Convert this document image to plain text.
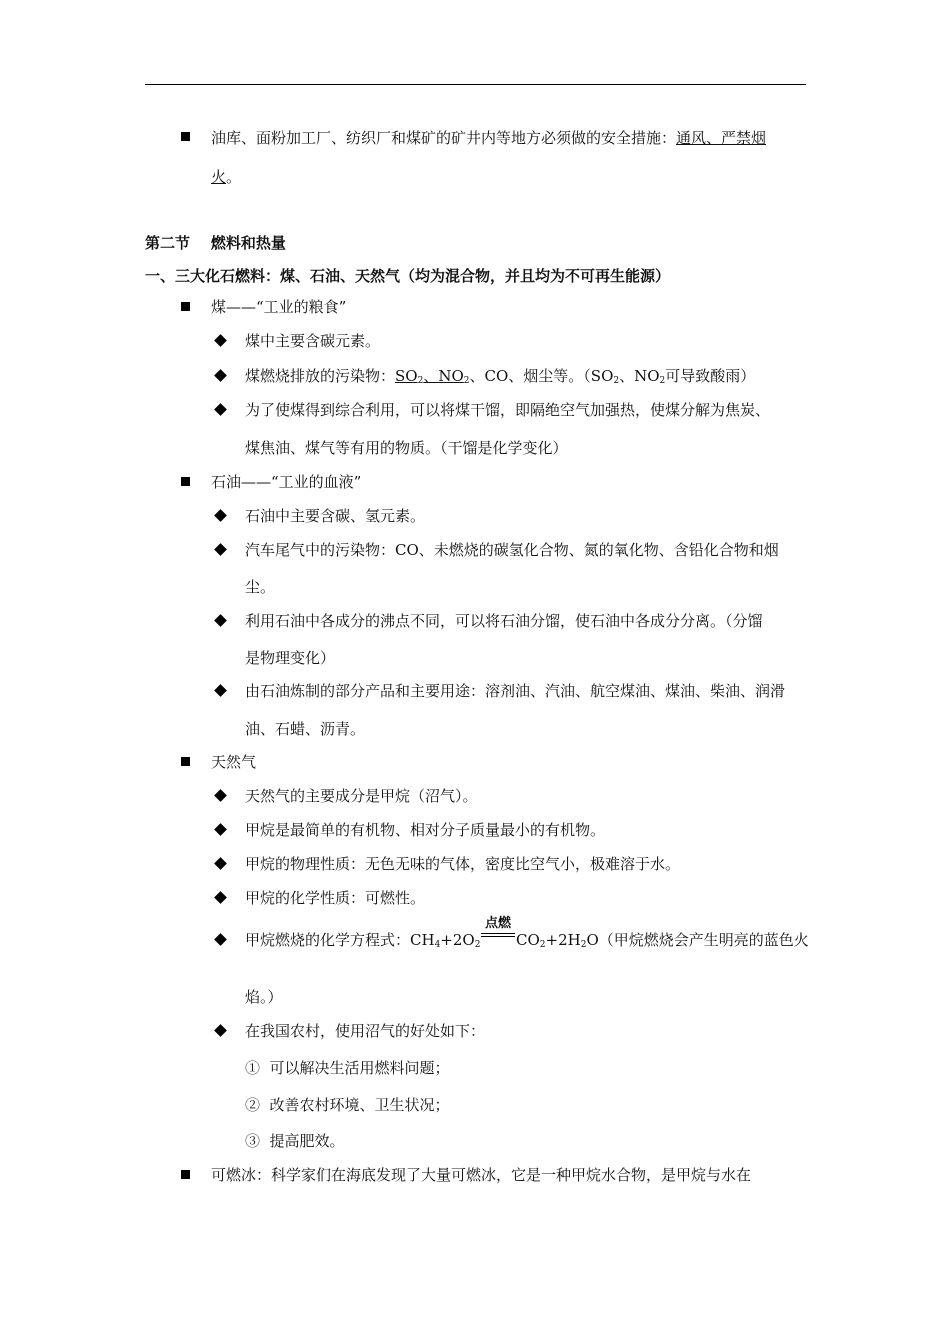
油库、面粉加工厂、纺织厂和煤矿的矿井内等地方必须做的安全措施：通风、严禁烟
火。
第二节    燃料和热量
一、三大化石燃料：煤、石油、天然气（均为混合物，并且均为不可再生能源）
煤——“工业的粮食”
煤中主要含碳元素。
煤燃烧排放的污染物：$SO_2$、$NO_2$、CO、烟尘等。（$SO_2$、$NO_2$可导致酸雨）
为了使煤得到综合利用，可以将煤干馏，即隔绝空气加强热，使煤分解为焦炭、
煤焦油、煤气等有用的物质。（干馏是化学变化）
石油——“工业的血液”
石油中主要含碳、氢元素。
汽车尾气中的污染物：CO、未燃烧的碳氢化合物、氮的氧化物、含铅化合物和烟
尘。
利用石油中各成分的沸点不同，可以将石油分馏，使石油中各成分分离。（分馏
是物理变化）
由石油炼制的部分产品和主要用途：溶剂油、汽油、航空煤油、煤油、柴油、润滑
油、石蜡、沥青。
天然气
天然气的主要成分是甲烷（沼气）。
甲烷是最简单的有机物、相对分子质量最小的有机物。
甲烷的物理性质：无色无味的气体，密度比空气小，极难溶于水。
甲烷的化学性质：可燃性。
甲烷燃烧的化学方程式：$CH_4+2O_2$
点燃
$CO_2+2H_2O$（甲烷燃烧会产生明亮的蓝色火
焰。）
在我国农村，使用沼气的好处如下：
①  可以解决生活用燃料问题；
②  改善农村环境、卫生状况；
③  提高肥效。
可燃冰：科学家们在海底发现了大量可燃冰，它是一种甲烷水合物，是甲烷与水在
